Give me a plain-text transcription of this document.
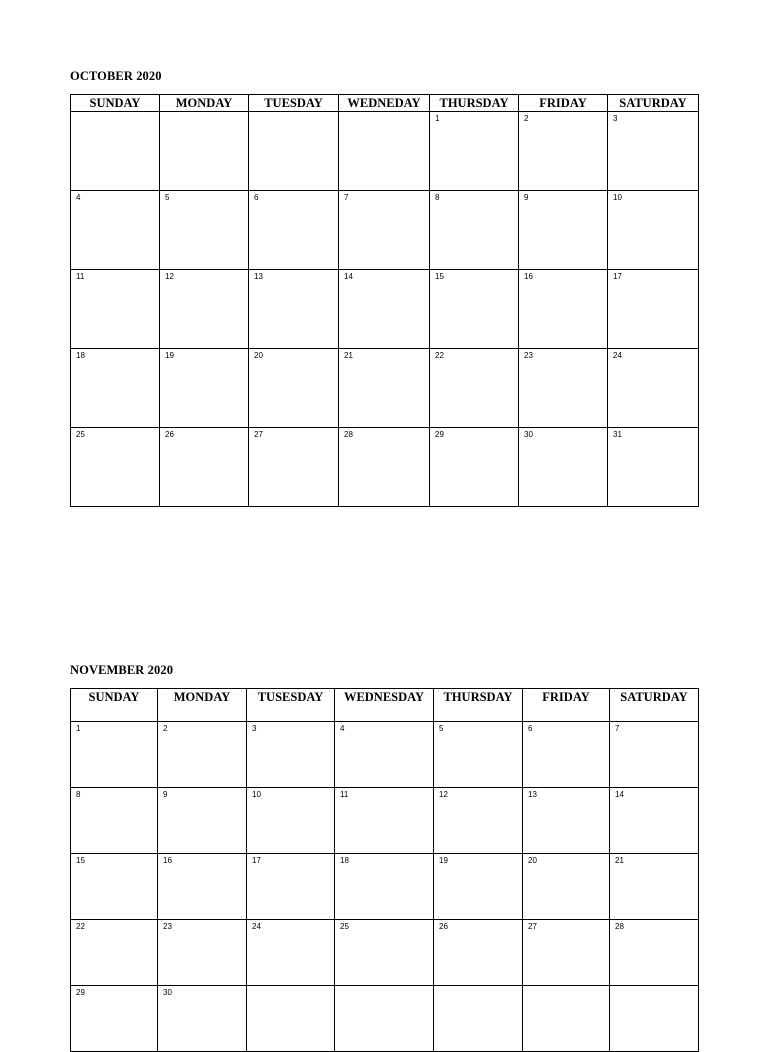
OCTOBER 2020
SUNDAY	MONDAY	TUESDAY	WEDNEDAY	THURSDAY	FRIDAY	SATURDAY

				1	2	3

4	5	6	7	8	9	10

11	12	13	14	15	16	17

18	19	20	21	22	23	24

25	26	27	28	29	30	31
NOVEMBER 2020
SUNDAY	MONDAY	TUSESDAY	WEDNESDAY	THURSDAY	FRIDAY	SATURDAY

1	2	3	4	5	6	7

8	9	10	11	12	13	14

15	16	17	18	19	20	21

22	23	24	25	26	27	28

29	30					
